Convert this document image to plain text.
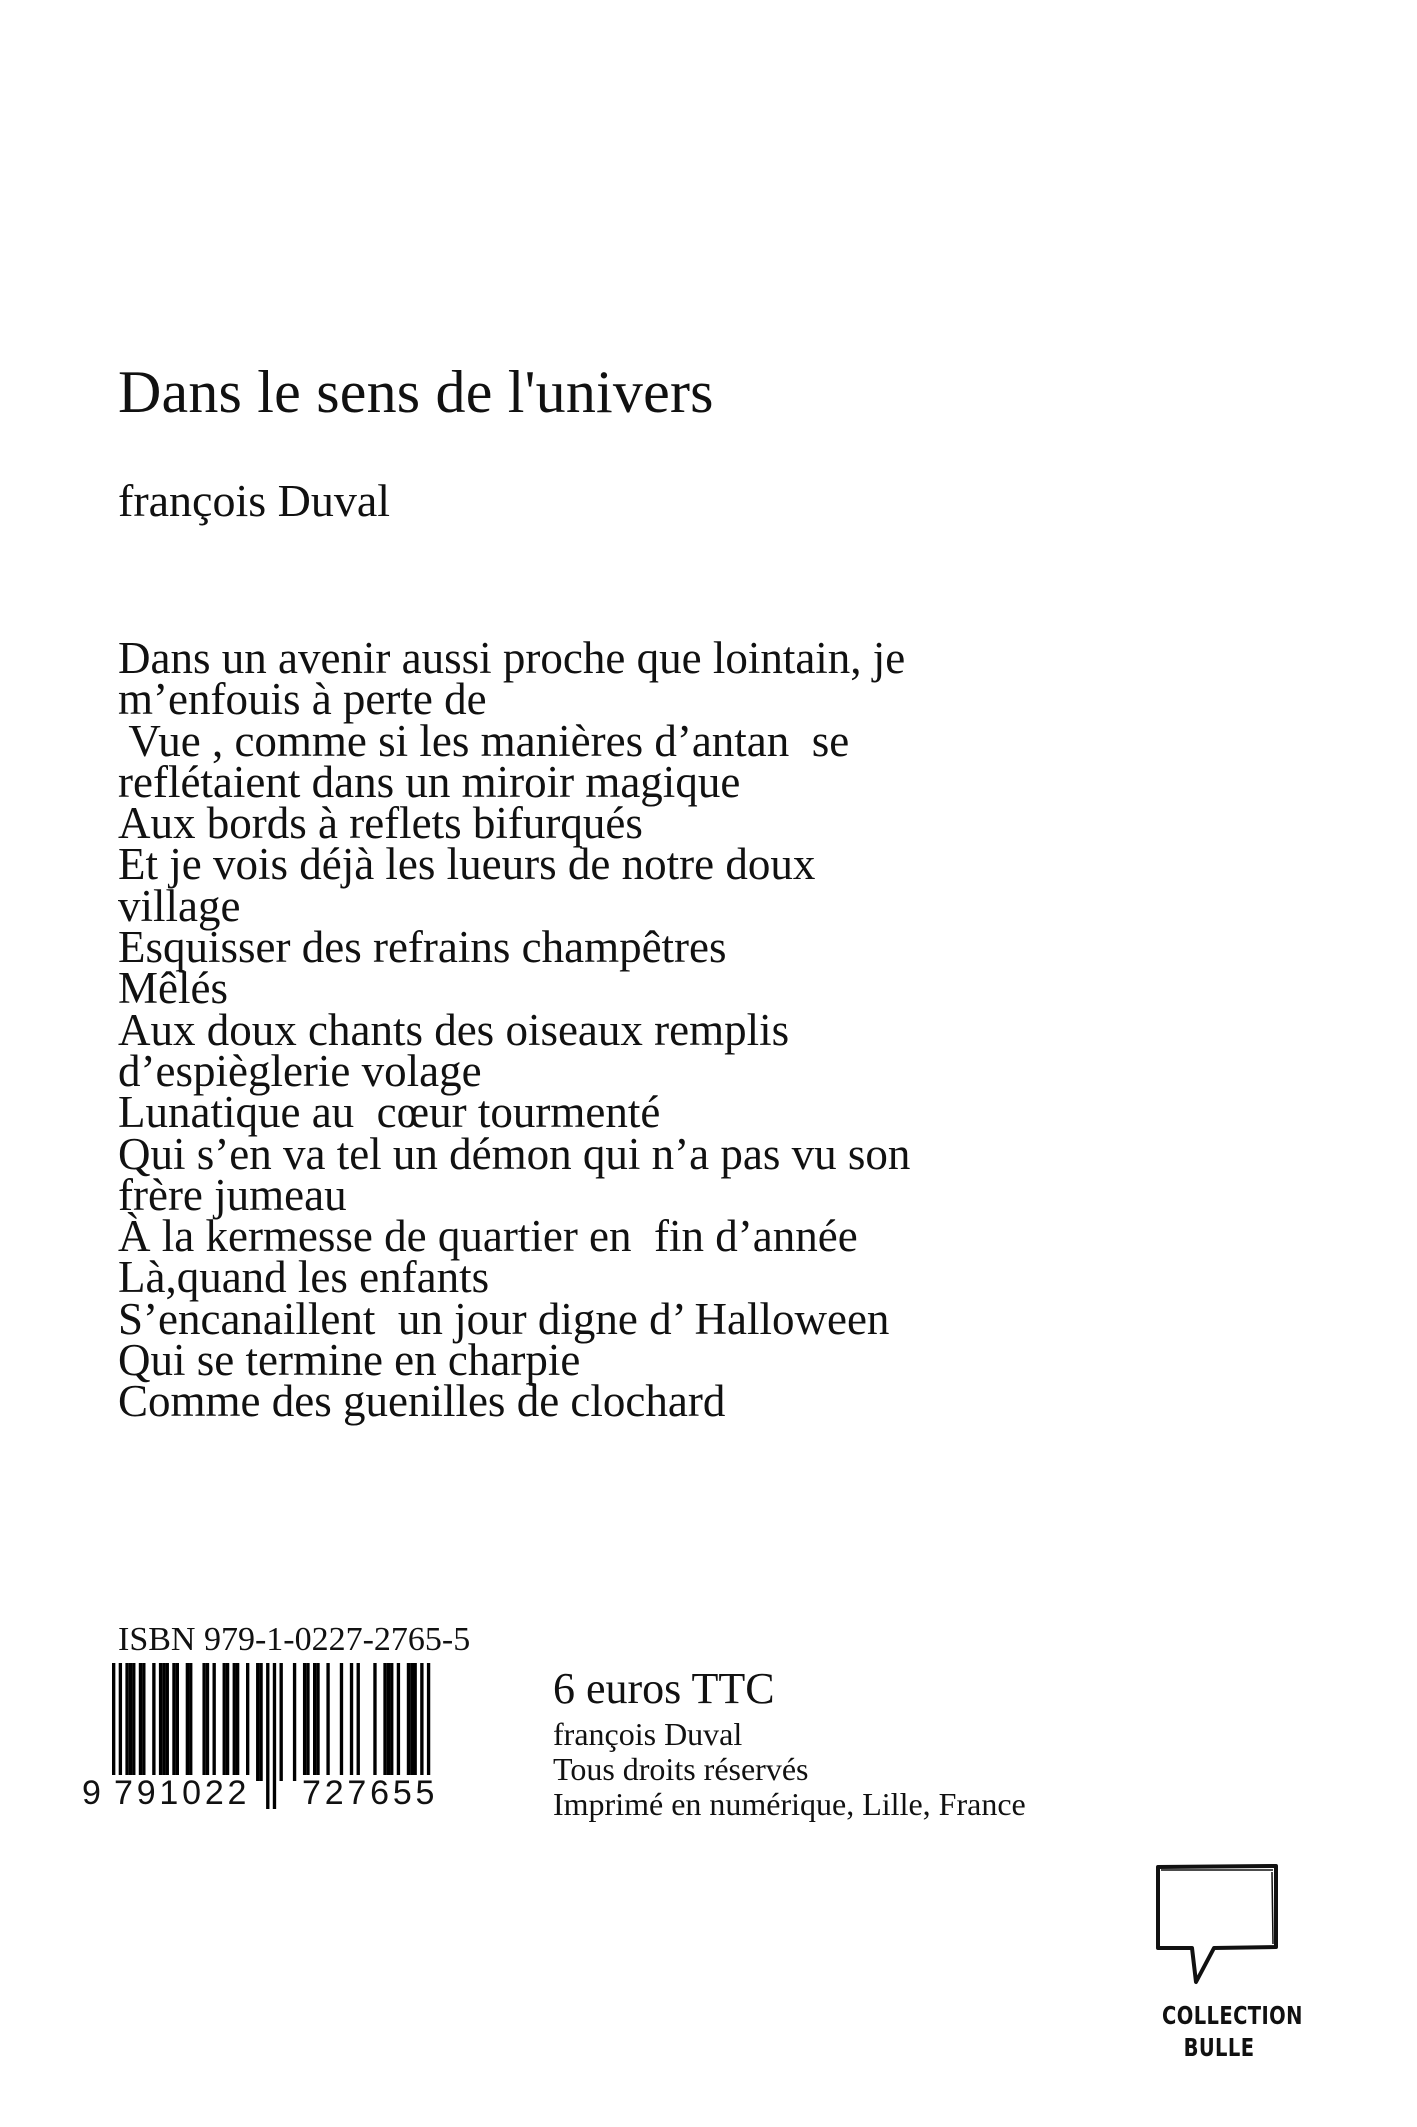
Dans le sens de l'univers
françois Duval
Dans un avenir aussi proche que lointain, je
m’enfouis à perte de
Vue , comme si les manières d’antan  se
reflétaient dans un miroir magique
Aux bords à reflets bifurqués
Et je vois déjà les lueurs de notre doux
village
Esquisser des refrains champêtres
Mêlés
Aux doux chants des oiseaux remplis
d’espièglerie volage
Lunatique au  cœur tourmenté
Qui s’en va tel un démon qui n’a pas vu son
frère jumeau
À la kermesse de quartier en  fin d’année
Là,quand les enfants
S’encanaillent  un jour digne d’ Halloween
Qui se termine en charpie
Comme des guenilles de clochard
ISBN 979-1-0227-2765-5
9 791022 727655
6 euros TTC
françois Duval
Tous droits réservés
Imprimé en numérique, Lille, France
COLLECTION
BULLE
